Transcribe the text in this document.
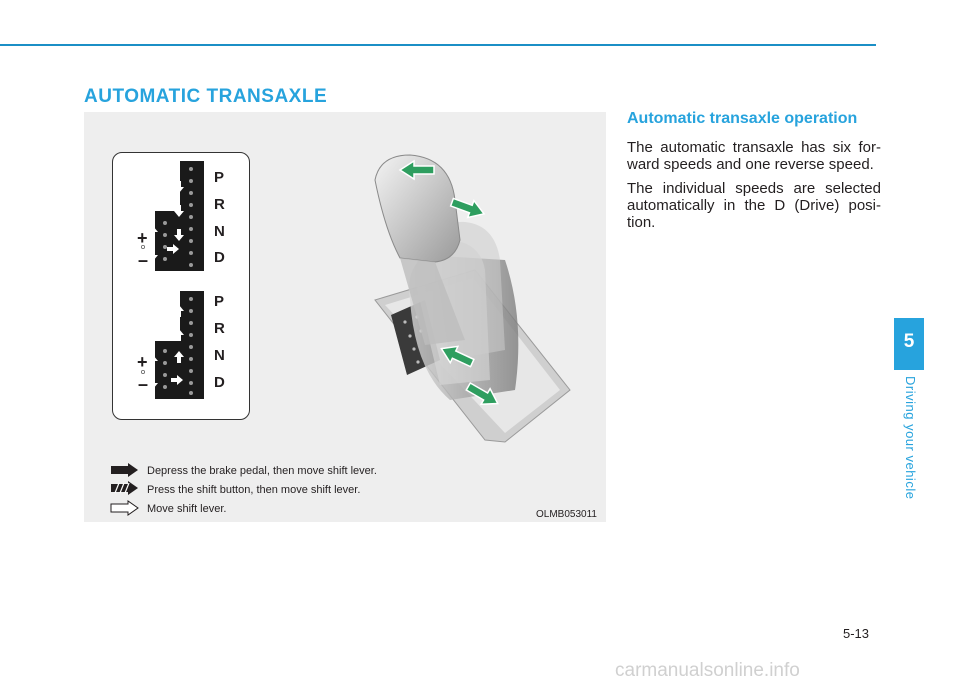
AUTOMATIC TRANSAXLE
P
R
N
D
P
R
N
D
+
–
+
–
Depress the brake pedal, then move shift lever.
Press the shift button, then move shift lever.
Move shift lever.	OLMB053011
Automatic transaxle operation
The automatic transaxle has six for-ward speeds and one reverse speed.
The individual speeds are selected automatically in the D (Drive) posi-tion.
5
Driving your vehicle
5-13
carmanualsonline.info
